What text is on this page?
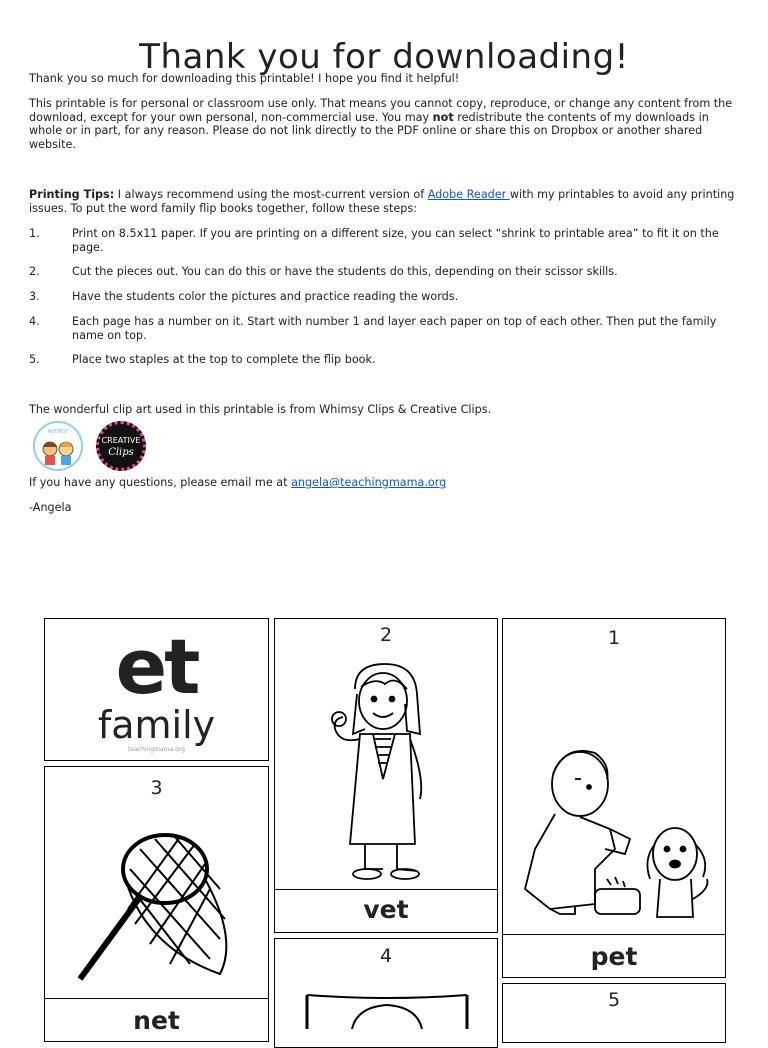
Thank you for downloading!

Thank you so much for downloading this printable! I hope you find it helpful!

This printable is for personal or classroom use only. That means you cannot copy, reproduce, or change any content from the download, except for your own personal, non-commercial use. You may not redistribute the contents of my downloads in whole or in part, for any reason. Please do not link directly to the PDF online or share this on Dropbox or another shared website.

Printing Tips: I always recommend using the most-current version of Adobe Reader with my printables to avoid any printing issues. To put the word family flip books together, follow these steps:

1.	Print on 8.5x11 paper. If you are printing on a different size, you can select “shrink to printable area” to fit it on the page.
2.	Cut the pieces out. You can do this or have the students do this, depending on their scissor skills.
3.	Have the students color the pictures and practice reading the words.
4.	Each page has a number on it. Start with number 1 and layer each paper on top of each other. Then put the family name on top.
5.	Place two staples at the top to complete the flip book.

The wonderful clip art used in this printable is from Whimsy Clips & Creative Clips.

WHIMSY
CREATIVE
Clips

If you have any questions, please email me at angela@teachingmama.org

-Angela

et
family
teachingmama.org
2
vet
1
pet
3
net
4
5
